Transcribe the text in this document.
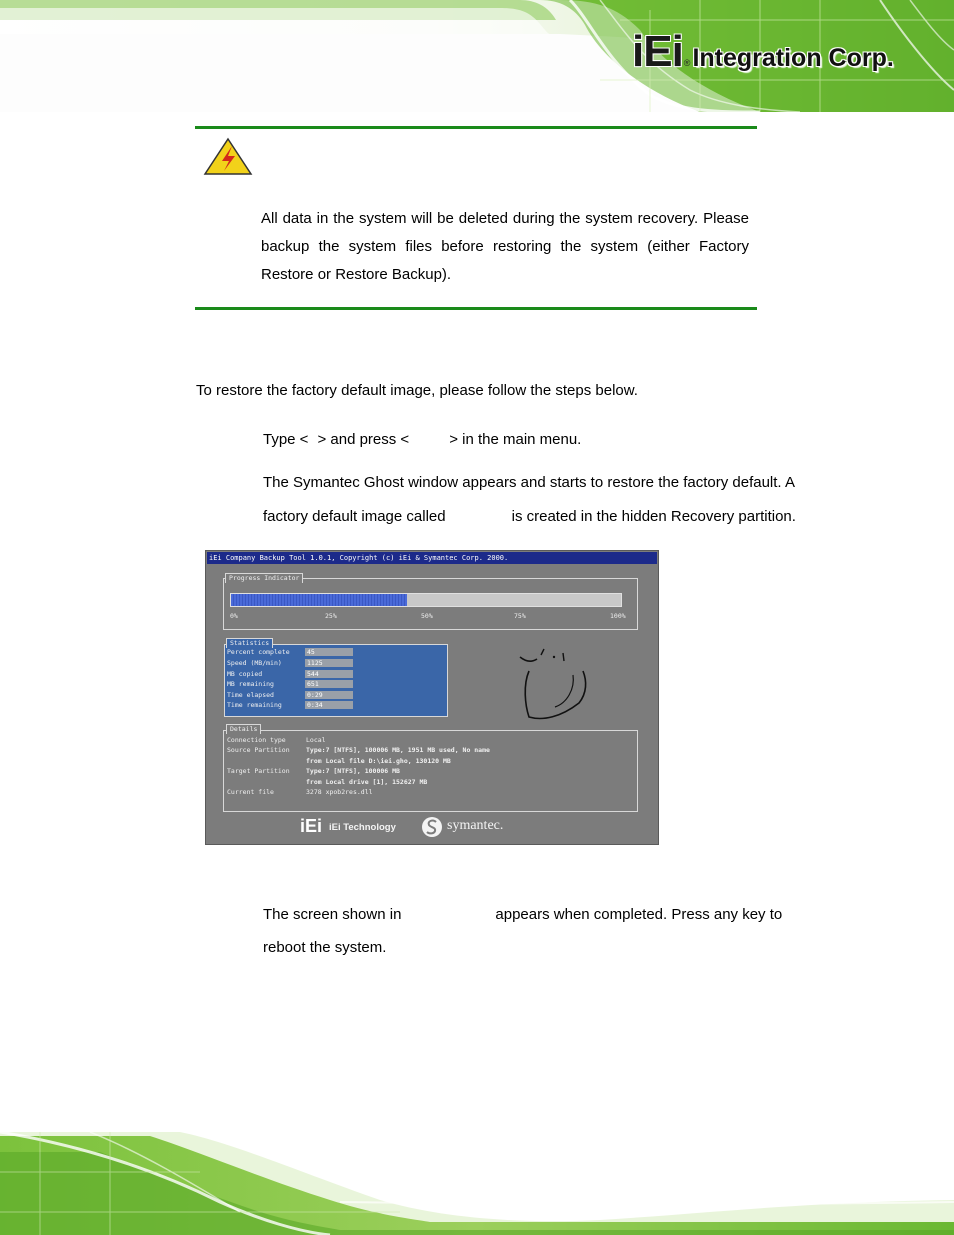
iEi ® Integration Corp.
All data in the system will be deleted during the system recovery. Please backup the system files before restoring the system (either Factory Restore or Restore Backup).
To restore the factory default image, please follow the steps below.
Type < > and press <	> in the main menu.
The Symantec Ghost window appears and starts to restore the factory default. A
factory default image called	is created in the hidden Recovery partition.
iEi Company Backup Tool 1.0.1, Copyright (c) iEi & Symantec Corp. 2000.
Progress Indicator
0%	25%	50%	75%	100%
Statistics
Percent complete	45
Speed (MB/min)	1125
MB copied	544
MB remaining	651
Time elapsed	0:29
Time remaining	0:34
Details
Connection type	Local
Source Partition	Type:7 [NTFS], 100006 MB, 1951 MB used, No name
from Local file D:\iei.gho, 130120 MB
Target Partition	Type:7 [NTFS], 100006 MB
from Local drive [1], 152627 MB
Current file	3278 xpob2res.dll
iEi iEi Technology	symantec.
The screen shown in	appears when completed. Press any key to
reboot the system.
